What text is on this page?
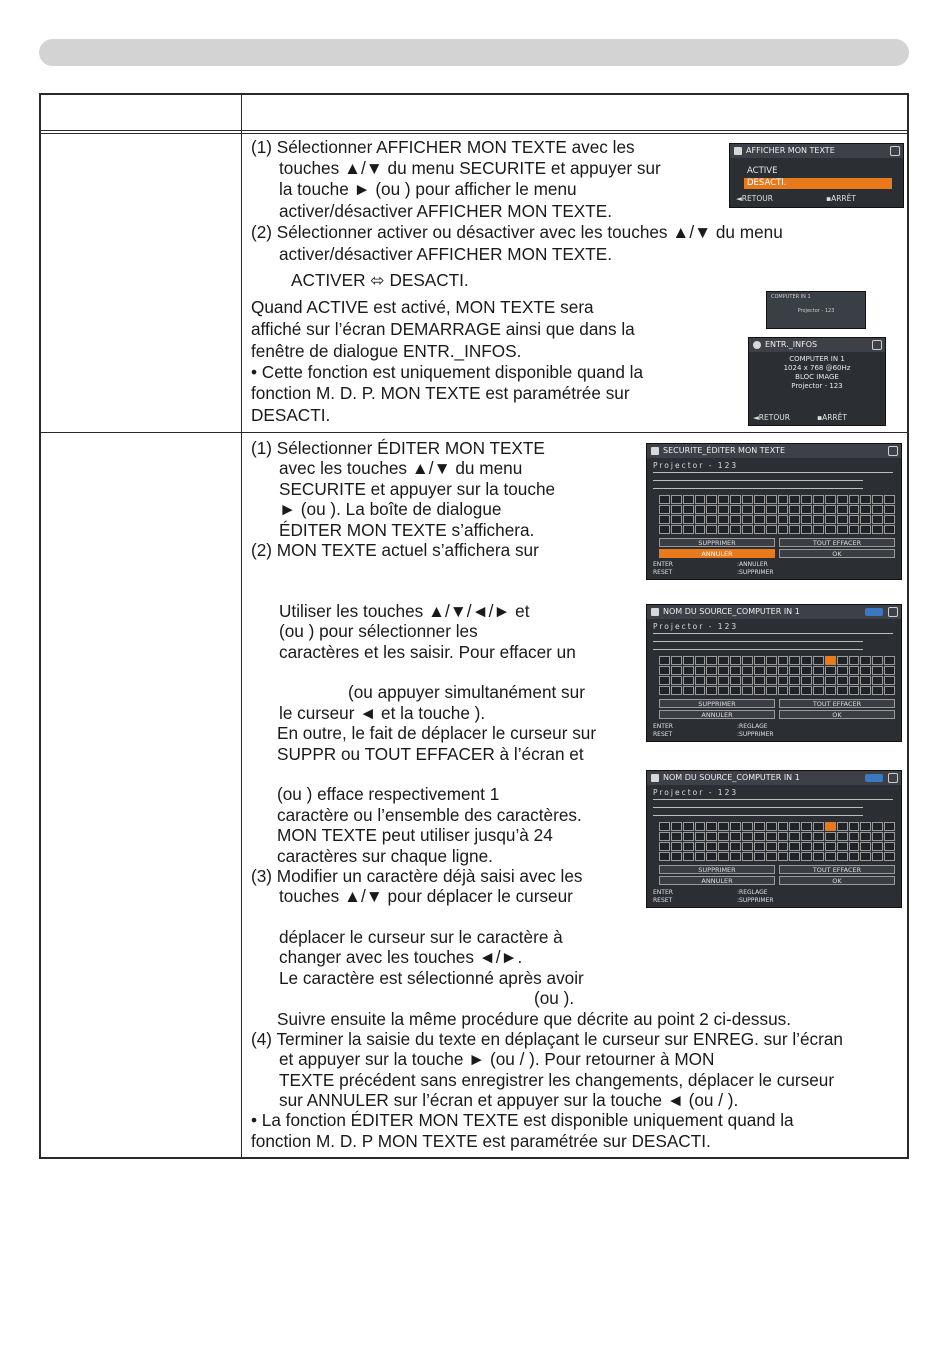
(1) Sélectionner AFFICHER MON TEXTE avec les
touches ▲/▼ du menu SECURITE et appuyer sur
la touche ► (ou ) pour afficher le menu
activer/désactiver AFFICHER MON TEXTE.
(2) Sélectionner activer ou désactiver avec les touches ▲/▼ du menu
activer/désactiver AFFICHER MON TEXTE.
ACTIVER ⬄ DESACTI.
Quand ACTIVE est activé, MON TEXTE sera
affiché sur l’écran DEMARRAGE ainsi que dans la
fenêtre de dialogue ENTR._INFOS.
• Cette fonction est uniquement disponible quand la
fonction M. D. P. MON TEXTE est paramétrée sur
DESACTI.
(1) Sélectionner ÉDITER MON TEXTE
avec les touches ▲/▼ du menu
SECURITE et appuyer sur la touche
► (ou ). La boîte de dialogue
ÉDITER MON TEXTE s’affichera.
(2) MON TEXTE actuel s’affichera sur
Utiliser les touches ▲/▼/◄/► et
(ou ) pour sélectionner les
caractères et les saisir. Pour effacer un
(ou appuyer simultanément sur
le curseur ◄ et la touche ).
En outre, le fait de déplacer le curseur sur
SUPPR ou TOUT EFFACER à l’écran et
(ou ) efface respectivement 1
caractère ou l’ensemble des caractères.
MON TEXTE peut utiliser jusqu’à 24
caractères sur chaque ligne.
(3) Modifier un caractère déjà saisi avec les
touches ▲/▼ pour déplacer le curseur
déplacer le curseur sur le caractère à
changer avec les touches ◄/►.
Le caractère est sélectionné après avoir
(ou ).
Suivre ensuite la même procédure que décrite au point 2 ci-dessus.
(4) Terminer la saisie du texte en déplaçant le curseur sur ENREG. sur l’écran
et appuyer sur la touche ► (ou / ). Pour retourner à MON
TEXTE précédent sans enregistrer les changements, déplacer le curseur
sur ANNULER sur l’écran et appuyer sur la touche ◄ (ou / ).
• La fonction ÉDITER MON TEXTE est disponible uniquement quand la
fonction M. D. P MON TEXTE est paramétrée sur DESACTI.
AFFICHER MON TEXTE
ACTIVE
DESACTI.
◄RETOUR	▪ARRÊT
COMPUTER IN 1
Projector - 123
ENTR._INFOS
COMPUTER IN 1
1024 x 768 @60Hz
BLOC IMAGE
Projector - 123
◄RETOUR	▪ARRÊT
SECURITE_ÉDITER MON TEXTE
Projector - 123
SUPPRIMER	TOUT EFFACER
ANNULER	OK
ENTER	:ANNULER
RESET	:SUPPRIMER
NOM DU SOURCE_COMPUTER IN 1
Projector - 123
SUPPRIMER	TOUT EFFACER
ANNULER	OK
ENTER	:REGLAGE
RESET	:SUPPRIMER
NOM DU SOURCE_COMPUTER IN 1
Projector - 123
SUPPRIMER	TOUT EFFACER
ANNULER	OK
ENTER	:REGLAGE
RESET	:SUPPRIMER
